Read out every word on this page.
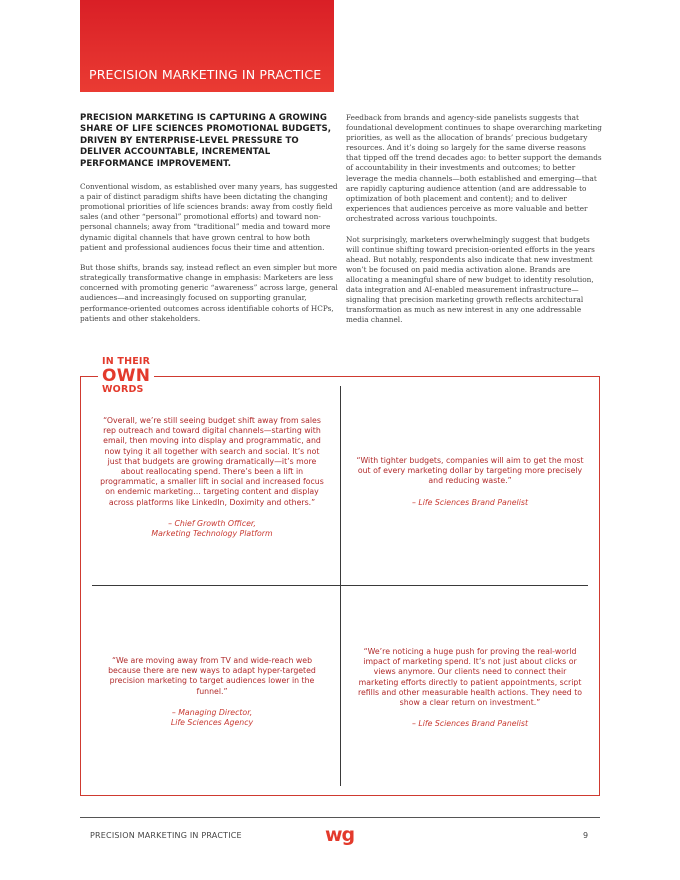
PRECISION MARKETING IN PRACTICE

PRECISION MARKETING IS CAPTURING A GROWING SHARE OF LIFE SCIENCES PROMOTIONAL BUDGETS, DRIVEN BY ENTERPRISE-LEVEL PRESSURE TO DELIVER ACCOUNTABLE, INCREMENTAL PERFORMANCE IMPROVEMENT.

Conventional wisdom, as established over many years, has suggested a pair of distinct paradigm shifts have been dictating the changing promotional priorities of life sciences brands: away from costly field sales (and other “personal” promotional efforts) and toward non-personal channels; away from “traditional” media and toward more dynamic digital channels that have grown central to how both patient and professional audiences focus their time and attention.

But those shifts, brands say, instead reflect an even simpler but more strategically transformative change in emphasis: Marketers are less concerned with promoting generic “awareness” across large, general audiences—and increasingly focused on supporting granular, performance-oriented outcomes across identifiable cohorts of HCPs, patients and other stakeholders.

Feedback from brands and agency-side panelists suggests that foundational development continues to shape overarching marketing priorities, as well as the allocation of brands’ precious budgetary resources. And it’s doing so largely for the same diverse reasons that tipped off the trend decades ago: to better support the demands of accountability in their investments and outcomes; to better leverage the media channels—both established and emerging—that are rapidly capturing audience attention (and are addressable to optimization of both placement and content); and to deliver experiences that audiences perceive as more valuable and better orchestrated across various touchpoints.

Not surprisingly, marketers overwhelmingly suggest that budgets will continue shifting toward precision-oriented efforts in the years ahead. But notably, respondents also indicate that new investment won’t be focused on paid media activation alone. Brands are allocating a meaningful share of new budget to identity resolution, data integration and AI-enabled measurement infrastructure—signaling that precision marketing growth reflects architectural transformation as much as new interest in any one addressable media channel.

IN THEIR
OWN
WORDS
“Overall, we’re still seeing budget shift away from sales rep outreach and toward digital channels—starting with email, then moving into display and programmatic, and now tying it all together with search and social. It’s not just that budgets are growing dramatically—it’s more about reallocating spend. There’s been a lift in programmatic, a smaller lift in social and increased focus on endemic marketing… targeting content and display across platforms like LinkedIn, Doximity and others.”
– Chief Growth Officer,
Marketing Technology Platform
“With tighter budgets, companies will aim to get the most out of every marketing dollar by targeting more precisely and reducing waste.”
– Life Sciences Brand Panelist
“We are moving away from TV and wide-reach web because there are new ways to adapt hyper-targeted precision marketing to target audiences lower in the funnel.”
– Managing Director,
Life Sciences Agency
“We’re noticing a huge push for proving the real-world impact of marketing spend. It’s not just about clicks or views anymore. Our clients need to connect their marketing efforts directly to patient appointments, script refills and other measurable health actions. They need to show a clear return on investment.”
– Life Sciences Brand Panelist
PRECISION MARKETING IN PRACTICE	wg	9
